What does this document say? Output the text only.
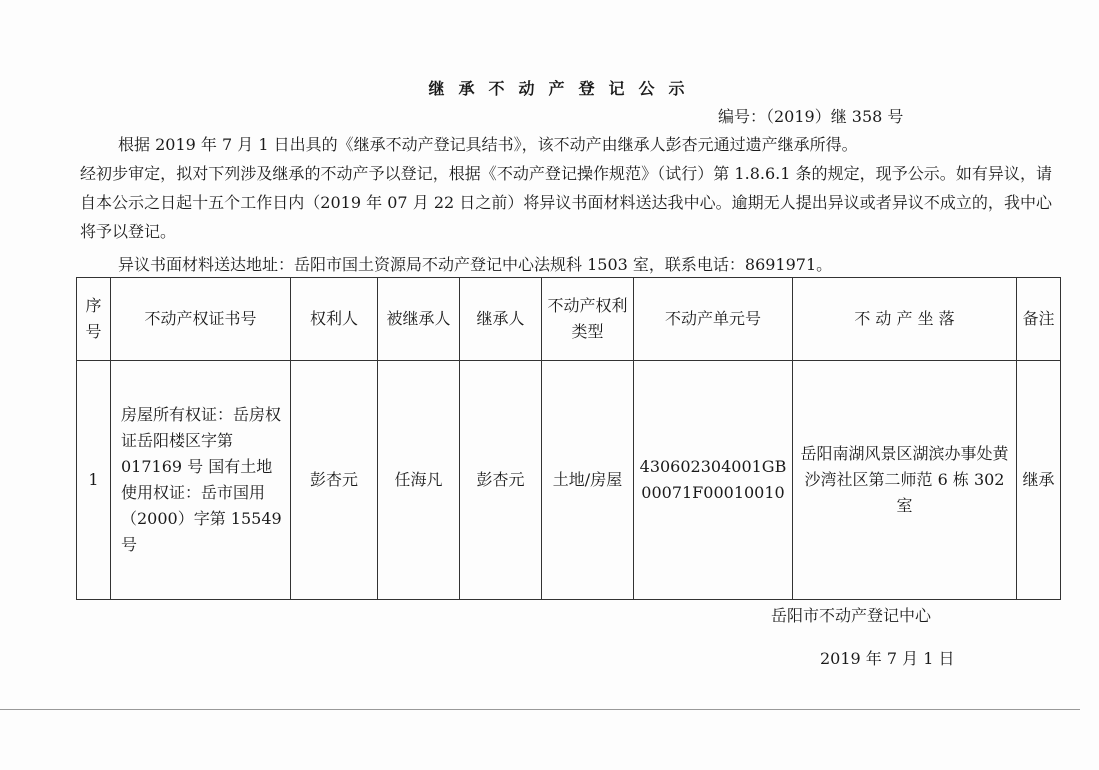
继承不动产登记公示
编号：（2019）继 358 号
根据 2019 年 7 月 1 日出具的《继承不动产登记具结书》，该不动产由继承人彭杏元通过遗产继承所得。
经初步审定，拟对下列涉及继承的不动产予以登记，根据《不动产登记操作规范》（试行）第 1.8.6.1 条的规定，现予公示。如有异议，请自本公示之日起十五个工作日内（2019 年 07 月 22 日之前）将异议书面材料送达我中心。逾期无人提出异议或者异议不成立的，我中心将予以登记。
异议书面材料送达地址：岳阳市国土资源局不动产登记中心法规科 1503 室，联系电话：8691971。
序号	不动产权证书号	权利人	被继承人	继承人	不动产权利类型	不动产单元号	不 动 产 坐 落	备注
1	房屋所有权证：岳房权证岳阳楼区字第 017169 号 国有土地使用权证：岳市国用（2000）字第 15549 号	彭杏元	任海凡	彭杏元	土地/房屋	430602304001GB00071F00010010	岳阳南湖风景区湖滨办事处黄沙湾社区第二师范 6 栋 302 室	继承
岳阳市不动产登记中心
2019 年 7 月 1 日
